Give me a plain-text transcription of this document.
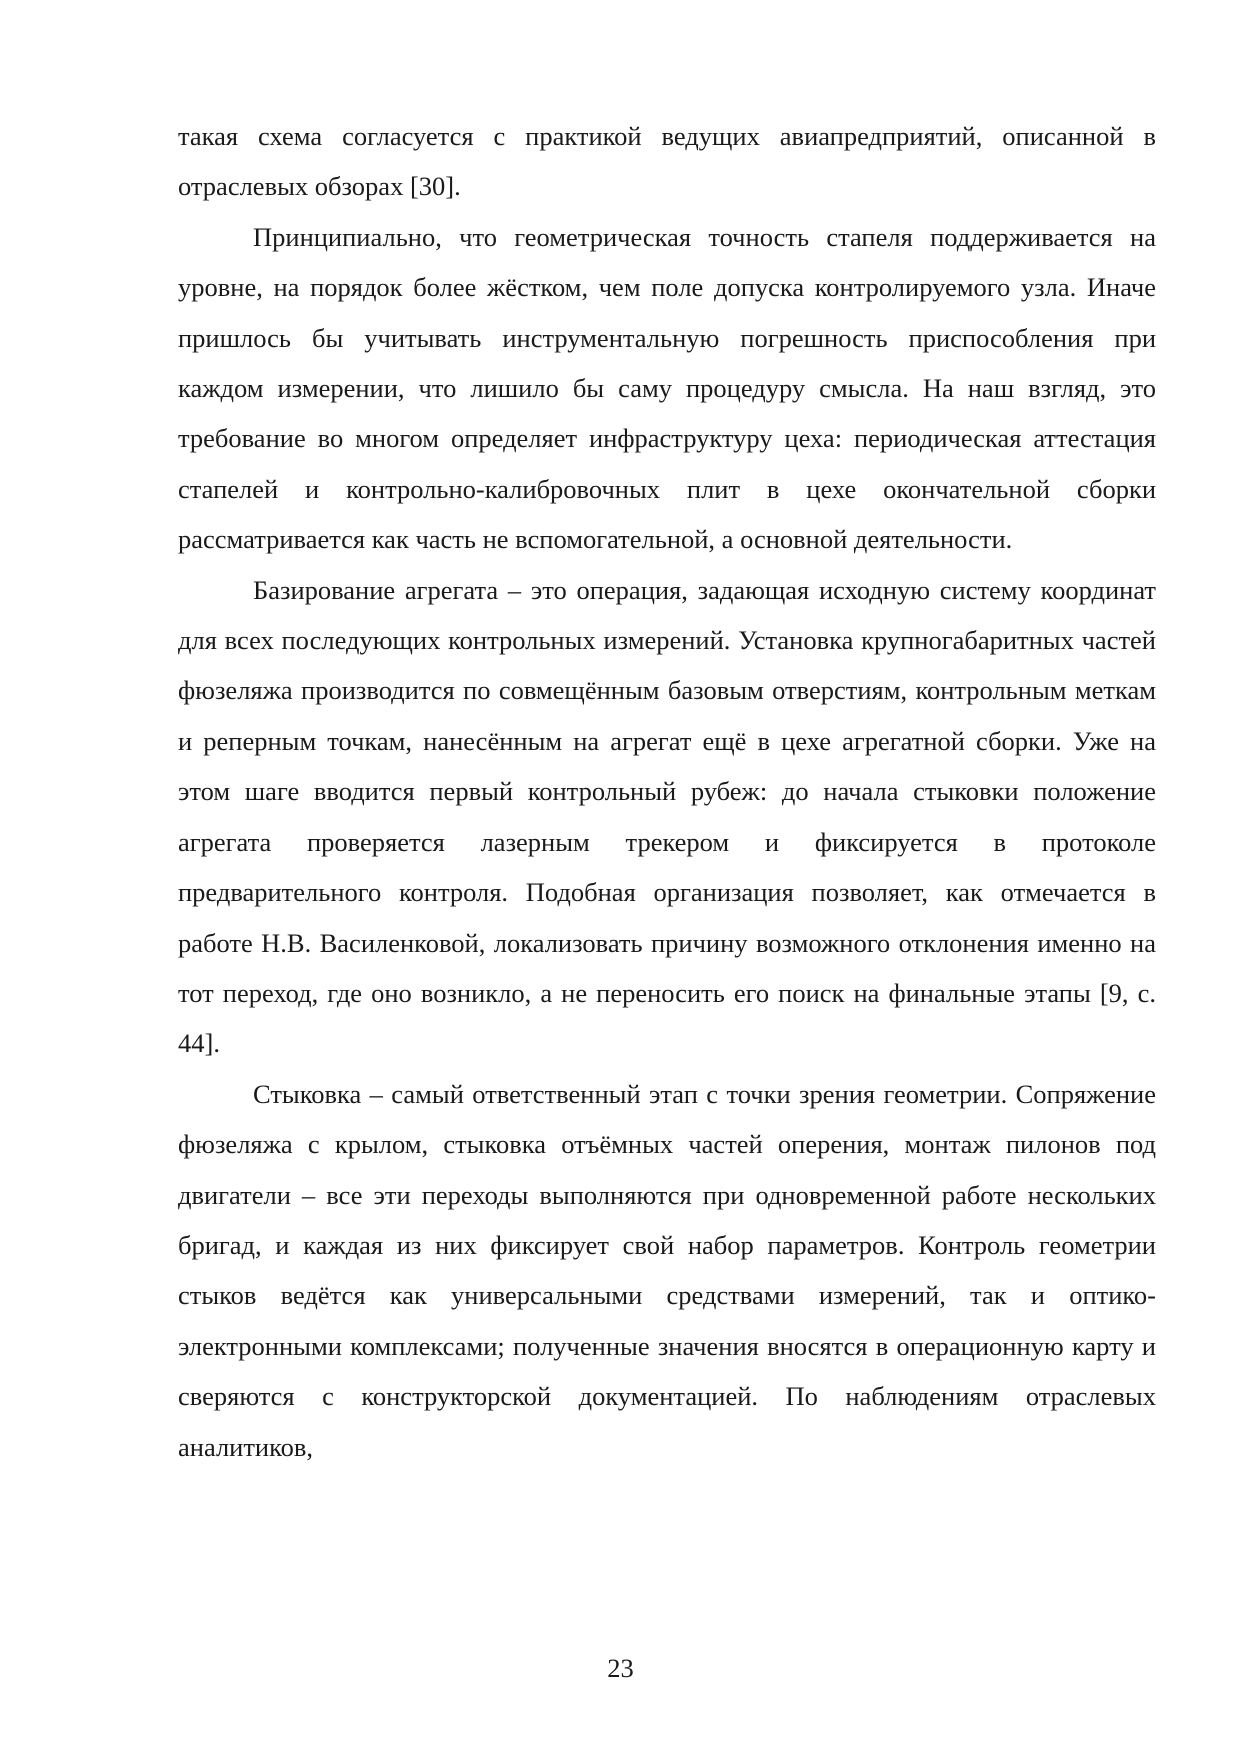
такая схема согласуется с практикой ведущих авиапредприятий, описанной в отраслевых обзорах [30].

Принципиально, что геометрическая точность стапеля поддерживается на уровне, на порядок более жёстком, чем поле допуска контролируемого узла. Иначе пришлось бы учитывать инструментальную погрешность приспособления при каждом измерении, что лишило бы саму процедуру смысла. На наш взгляд, это требование во многом определяет инфраструктуру цеха: периодическая аттестация стапелей и контрольно-калибровочных плит в цехе окончательной сборки рассматривается как часть не вспомогательной, а основной деятельности.

Базирование агрегата – это операция, задающая исходную систему координат для всех последующих контрольных измерений. Установка крупногабаритных частей фюзеляжа производится по совмещённым базовым отверстиям, контрольным меткам и реперным точкам, нанесённым на агрегат ещё в цехе агрегатной сборки. Уже на этом шаге вводится первый контрольный рубеж: до начала стыковки положение агрегата проверяется лазерным трекером и фиксируется в протоколе предварительного контроля. Подобная организация позволяет, как отмечается в работе Н.В. Василенковой, локализовать причину возможного отклонения именно на тот переход, где оно возникло, а не переносить его поиск на финальные этапы [9, с. 44].

Стыковка – самый ответственный этап с точки зрения геометрии. Сопряжение фюзеляжа с крылом, стыковка отъёмных частей оперения, монтаж пилонов под двигатели – все эти переходы выполняются при одновременной работе нескольких бригад, и каждая из них фиксирует свой набор параметров. Контроль геометрии стыков ведётся как универсальными средствами измерений, так и оптико-электронными комплексами; полученные значения вносятся в операционную карту и сверяются с конструкторской документацией. По наблюдениям отраслевых аналитиков,

23
